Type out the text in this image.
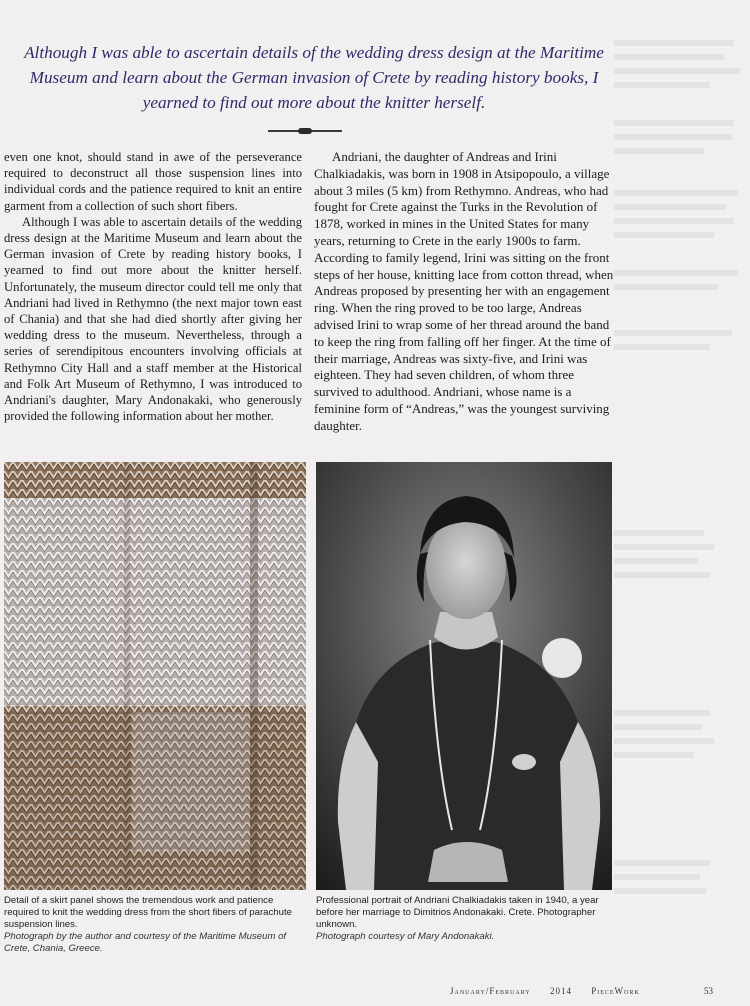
Although I was able to ascertain details of the wedding dress design at the Maritime Museum and learn about the German invasion of Crete by reading history books, I yearned to find out more about the knitter herself.

even one knot, should stand in awe of the perseverance required to deconstruct all those suspension lines into individual cords and the patience required to knit an entire garment from a collection of such short fibers.

Although I was able to ascertain details of the wedding dress design at the Maritime Museum and learn about the German invasion of Crete by reading history books, I yearned to find out more about the knitter herself. Unfortunately, the museum director could tell me only that Andriani had lived in Rethymno (the next major town east of Chania) and that she had died shortly after giving her wedding dress to the museum. Nevertheless, through a series of serendipitous encounters involving officials at Rethymno City Hall and a staff member at the Historical and Folk Art Museum of Rethymno, I was introduced to Andriani's daughter, Mary Andonakaki, who generously provided the following information about her mother.

Andriani, the daughter of Andreas and Irini Chalkiadakis, was born in 1908 in Atsipopoulo, a village about 3 miles (5 km) from Rethymno. Andreas, who had fought for Crete against the Turks in the Revolution of 1878, worked in mines in the United States for many years, returning to Crete in the early 1900s to farm. According to family legend, Irini was sitting on the front steps of her house, knitting lace from cotton thread, when Andreas proposed by presenting her with an engagement ring. When the ring proved to be too large, Andreas advised Irini to wrap some of her thread around the band to keep the ring from falling off her finger. At the time of their marriage, Andreas was sixty-five, and Irini was eighteen. They had seven children, of whom three survived to adulthood. Andriani, whose name is a feminine form of “Andreas,” was the youngest surviving daughter.

Detail of a skirt panel shows the tremendous work and patience required to knit the wedding dress from the short fibers of parachute suspension lines.
Photograph by the author and courtesy of the Maritime Museum of Crete, Chania, Greece.
Professional portrait of Andriani Chalkiadakis taken in 1940, a year before her marriage to Dimitrios Andonakaki. Crete. Photographer unknown.
Photograph courtesy of Mary Andonakaki.
January/February 2014 PieceWork	53
